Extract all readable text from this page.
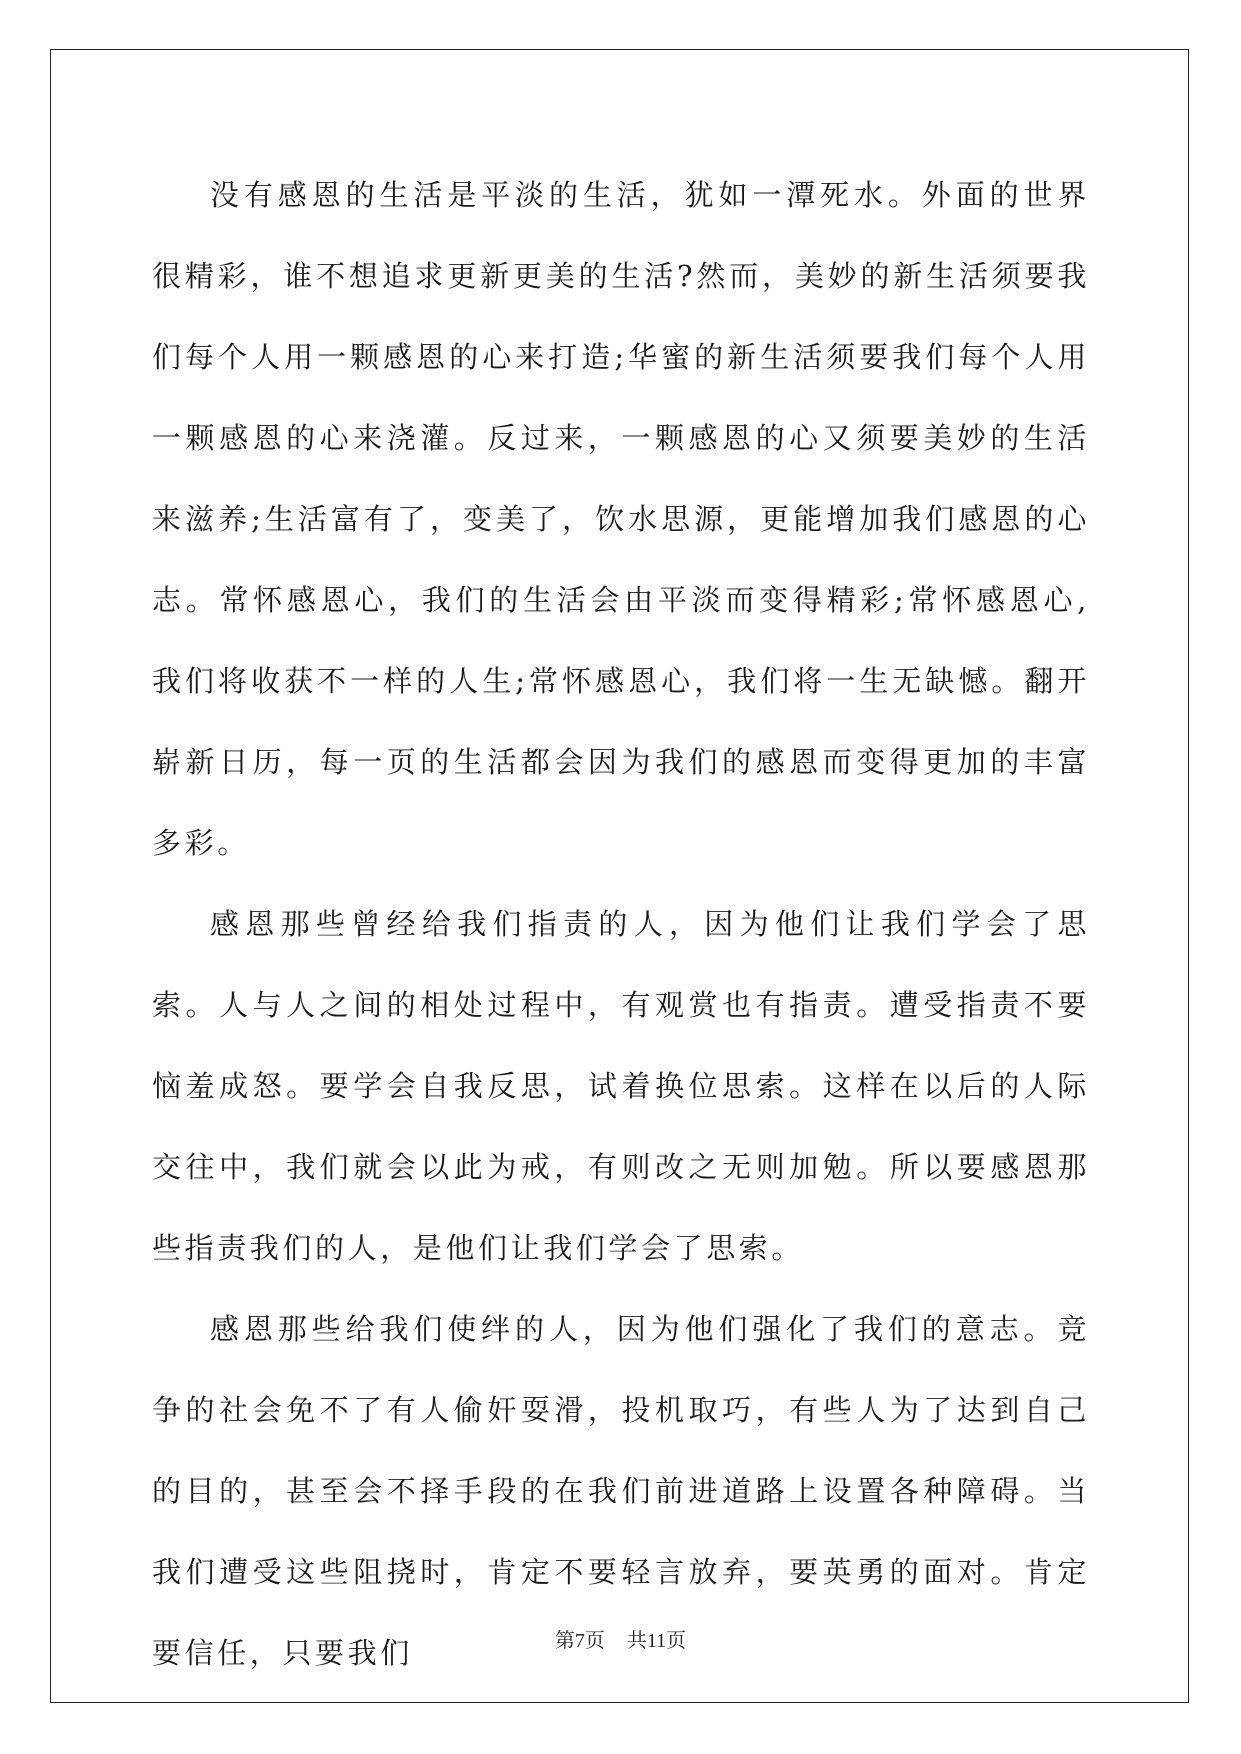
没有感恩的生活是平淡的生活，犹如一潭死水。外面的世界很精彩，谁不想追求更新更美的生活?然而，美妙的新生活须要我们每个人用一颗感恩的心来打造;华蜜的新生活须要我们每个人用一颗感恩的心来浇灌。反过来，一颗感恩的心又须要美妙的生活来滋养;生活富有了，变美了，饮水思源，更能增加我们感恩的心志。常怀感恩心，我们的生活会由平淡而变得精彩;常怀感恩心,我们将收获不一样的人生;常怀感恩心，我们将一生无缺憾。翻开崭新日历，每一页的生活都会因为我们的感恩而变得更加的丰富多彩。

感恩那些曾经给我们指责的人，因为他们让我们学会了思索。人与人之间的相处过程中，有观赏也有指责。遭受指责不要恼羞成怒。要学会自我反思，试着换位思索。这样在以后的人际交往中，我们就会以此为戒，有则改之无则加勉。所以要感恩那些指责我们的人，是他们让我们学会了思索。

感恩那些给我们使绊的人，因为他们强化了我们的意志。竞争的社会免不了有人偷奸耍滑，投机取巧，有些人为了达到自己的目的，甚至会不择手段的在我们前进道路上设置各种障碍。当我们遭受这些阻挠时，肯定不要轻言放弃，要英勇的面对。肯定要信任，只要我们	第7页 共11页
